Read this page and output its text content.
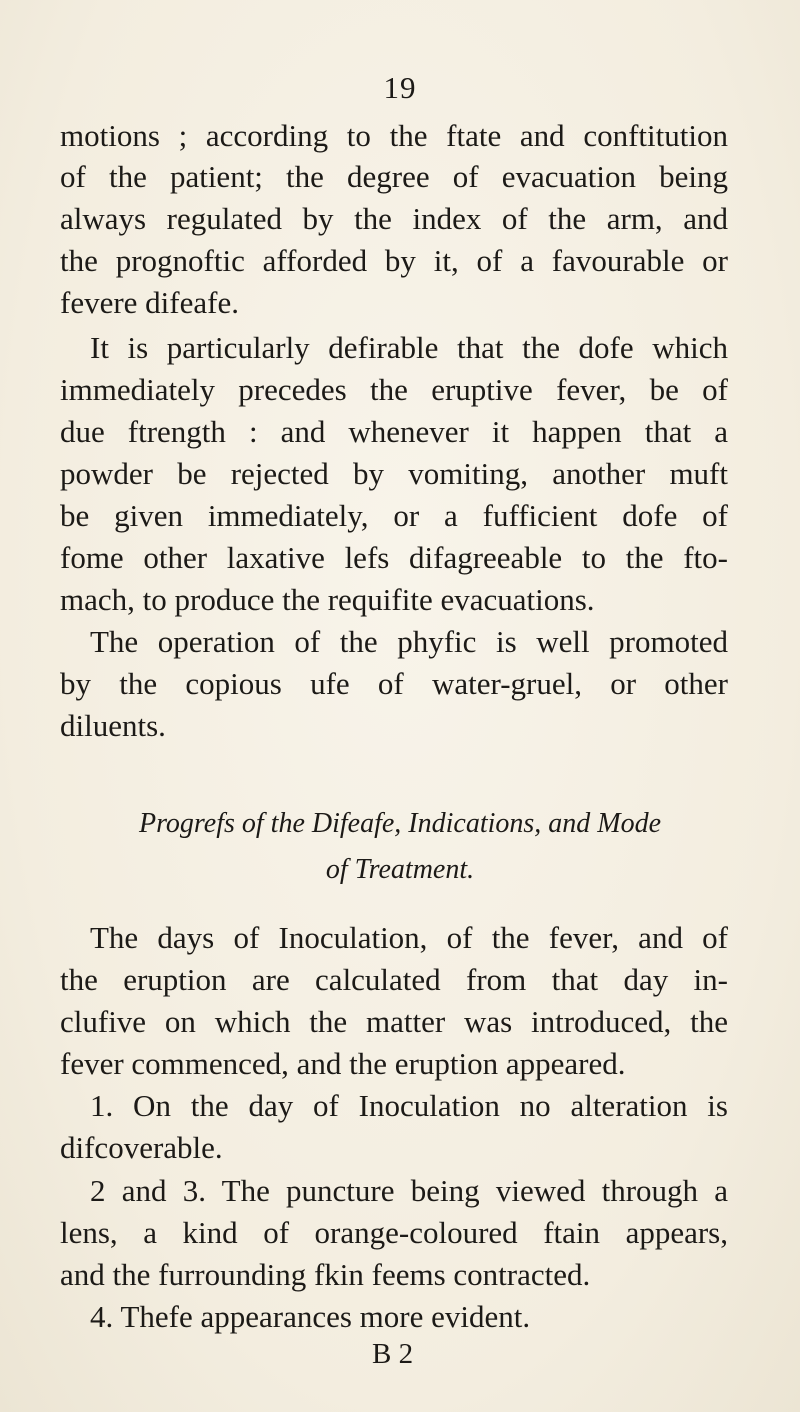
19
motions ; according to the ftate and conftitution
of the patient; the degree of evacuation being
always regulated by the index of the arm, and
the prognoftic afforded by it, of a favourable or
fevere difeafe.
It is particularly defirable that the dofe which
immediately precedes the eruptive fever, be of
due ftrength : and whenever it happen that a
powder be rejected by vomiting, another muft
be given immediately, or a fufficient dofe of
fome other laxative lefs difagreeable to the fto-
mach, to produce the requifite evacuations.
The operation of the phyfic is well promoted
by the copious ufe of water-gruel, or other
diluents.
Progrefs of the Difeafe, Indications, and Mode
of Treatment.
The days of Inoculation, of the fever, and of
the eruption are calculated from that day in-
clufive on which the matter was introduced, the
fever commenced, and the eruption appeared.
1. On the day of Inoculation no alteration is
difcoverable.
2 and 3. The puncture being viewed through a
lens, a kind of orange-coloured ftain appears,
and the furrounding fkin feems contracted.
4. Thefe appearances more evident.
B 2
